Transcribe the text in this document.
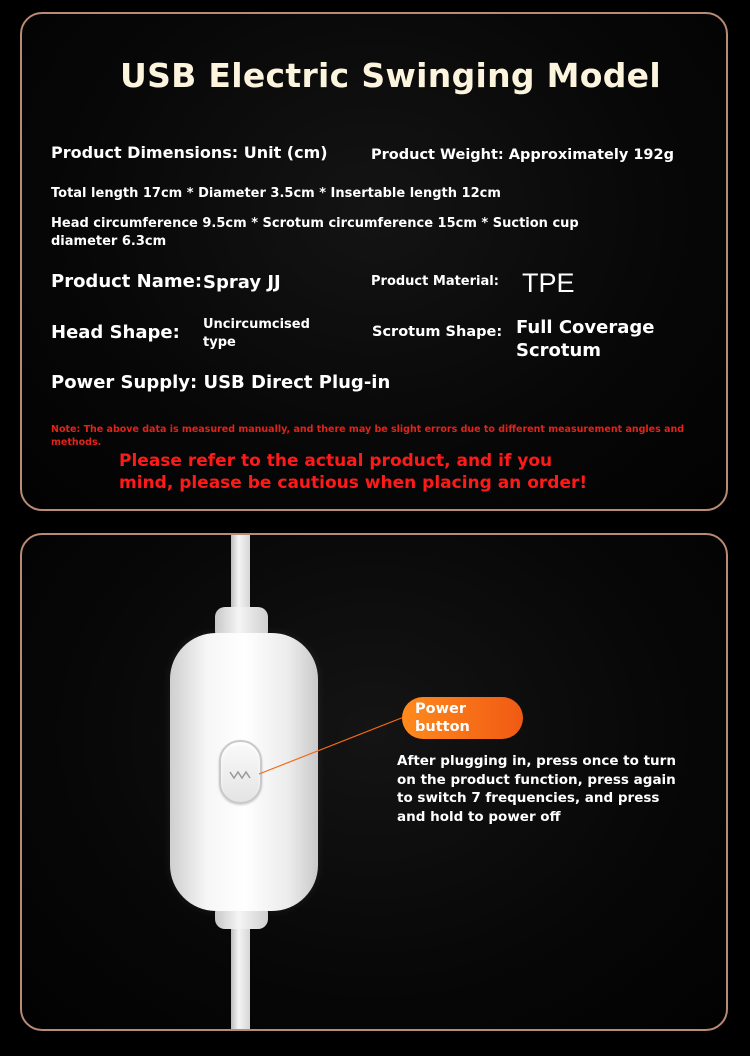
USB Electric Swinging Model
Product Dimensions: Unit (cm)	Product Weight: Approximately 192g
Total length 17cm * Diameter 3.5cm * Insertable length 12cm
Head circumference 9.5cm * Scrotum circumference 15cm * Suction cup diameter 6.3cm
Product Name: Spray JJ	Product Material: TPE
Head Shape: Uncircumcised type
Scrotum Shape: Full Coverage Scrotum
Power Supply: USB Direct Plug-in
Note: The above data is measured manually, and there may be slight errors due to different measurement angles and methods.
Please refer to the actual product, and if you mind, please be cautious when placing an order!
Power button
After plugging in, press once to turn on the product function, press again to switch 7 frequencies, and press and hold to power off
